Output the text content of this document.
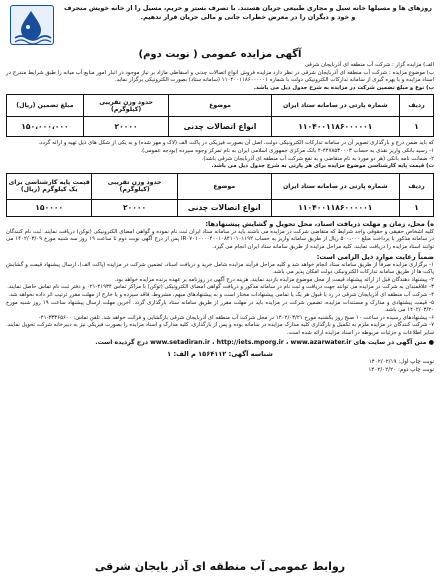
روزهای ها و مسیلها خانه سیل و مجاری طبیعی جریان هستند. با تصرف بستر و حریم، مسیل را از خانه خویش منحرف و خود و دیگران را در معرض خطرات جانی و مالی جریان قرار ندهیم.
آگهی مزایده عمومی ( نوبت دوم)
الف) مزایده گزار : شرکت آب منطقه ای آذربایجان شرقی
ب) موضوع مزایده : شرکت آب منطقه ای آذربایجان شرقی در نظر دارد مزایده فروش انواع اتصالات چدنی و اسقاطی مازاد بر نیاز موجود در انبار امور منابع آب میانه را طبق شرایط مندرج در اسناد مزایده و با بهره گیری از سامانه تدارکات الکترونیکی دولت با شماره ۱۱۰۴۰۰۱۱۸۶۰۰۰۰۰۱ (سامانه ستاد) بصورت الکترونیکی برگزار نماید.
پ) نوع و مبلغ تضمین شرکت در مزایده به شرح جدول ذیل می باشد.
ردیف	شماره پارتی در سامانه ستاد ایران	موضوع	حدود وزن تقریبی (کیلوگرم)	مبلغ تضمین (ریال)
۱	۱۱۰۴۰۰۱۱۸۶۰۰۰۰۰۱	انواع اتصالات چدنی	۲۰۰۰۰	۱۵۰،۰۰۰،۰۰۰
که باید ضمن درج و بارگذاری تصویر آن در سامانه تدارکات الکترونیکی دولت، اصل آن بصورت فیزیکی در پاکت الف (لاک و مهر شده) و به یکی از شکل های ذیل تهیه و ارائه گردد.
۱- رسید بانکی واریز نقدی به حساب ۴۴۷۸۵۳۰۰۰۳-۴ بانک مرکزی جمهوری اسلامی ایران به نام تمرکز وجوه سپرده (بودجه عمومی).
۲- ضمانت نامه بانکی (هر دو مورد به نام متقاضی و به نفع شرکت آب منطقه ای آذربایجان شرقی باشد).
ت) قیمت پایه کارشناسی موضوع مزایده برای هر پارتی به شرح جدول ذیل می باشد.
ردیف	شماره پارتی در سامانه ستاد ایران	موضوع	حدود وزن تقریبی (کیلوگرم)	قیمت پایه کارشناسی برای یک کیلوگرم (ریال)
۱	۱۱۰۴۰۰۱۱۸۶۰۰۰۰۰۱	انواع اتصالات چدنی	۲۰۰۰۰	۱۵۰۰۰۰
ه) محل، زمان و مهلت دریافت اسناد، محل تحویل و گشایش پیشنهادها:
کلیه اشخاص حقیقی و حقوقی واجد شرایط که متقاضی شرکت در مزایده می باشند باید در سامانه ستاد ایران ثبت نام نموده و گواهی امضای الکترونیکی (توکن) دریافت نمایند. ثبت نام کنندگان در سامانه مذکور با پرداخت مبلغ ۵۰۰،۰۰۰ ریال از طریق سامانه واریز به حساب IR۰۷۰۱۰۰۰۰۴۰۰۱۰۸۴۱۰۱۰۱۱۹۲ پس از درج آگهی نوبت دوم تا ساعت ۱۹ روز سه شنبه مورخ ۱۴۰۲/۰۳/۰۹ می توانند اسناد مزایده را دریافت نمایند. کلیه مراحل مزایده از طریق سامانه ستاد ایران انجام می گیرد.
ضمناً رعایت موارد ذیل الزامی است:
۱- برگزاری مزایده صرفاً از طریق سامانه ستاد انجام خواهد شد و کلیه مراحل فرآیند مزایده شامل خرید و دریافت اسناد، تضمین شرکت در مزایده (پاکت الف)، ارسال پیشنهاد قیمت و گشایش پاکت ها از طریق سامانه تدارکات الکترونیکی دولت امکان پذیر می باشد.
۲- پیشنهاد دهندگان قبل از ارائه پیشنهاد قیمت از محل موضوع مزایده بازدید نمایند. هزینه درج آگهی در روزنامه بر عهده برنده مزایده خواهد بود.
۳- علاقمندان به شرکت در مزایده می توانند جهت دریافت و ثبت نام در سامانه مذکور و دریافت گواهی امضای الکترونیکی (توکن) با مراکز تماس ۴۱۹۳۴-۰۲۱ و دفتر ثبت نام تماس حاصل نمایند.
۴- شرکت آب منطقه ای آذربایجان شرقی در رد یا قبول هر یک یا تمامی پیشنهادات مختار است و به پیشنهادهای مبهم، مشروط، فاقد سپرده و یا خارج از مهلت مقرر ترتیب اثر داده نخواهد شد.
۵- قیمت پیشنهادی و مدارک و مستندات مزایده، تضمین شرکت در مزایده باید در مهلت مقرر از طریق سامانه ستاد بارگذاری گردد. آخرین مهلت ارسال پیشنهاد ساعت ۱۹ روز شنبه مورخ ۱۴۰۲/۰۳/۲۰ می باشد.
۶- پیشنهادهای رسیده در ساعت ۱۰ صبح روز یکشنبه مورخ ۱۴۰۲/۰۳/۲۱ در محل شرکت آب منطقه ای آذربایجان شرقی بازگشایی و قرائت خواهد شد. تلفن تماس: ۳۳۳۶۵۶۰۰-۰۴۱
۷- شرکت کنندگان در مزایده ملزم به تکمیل و بارگذاری کلیه مدارک مزایده در سامانه بوده و پس از بارگذاری، کلیه مدارک و اسناد مزایده را بصورت فیزیکی نیز به دبیرخانه شرکت تحویل نمایند. سایر اطلاعات و جزئیات مربوطه در اسناد مزایده ارائه شده است.
● متن آگهی در سایت های www.azarwater.ir ، http://iets.mporg.ir ، www.setadiran.ir درج گردیده است.
شناسه آگهی: ۱۵۶۴۱۱۲ م الف: ۱
نوبت چاپ اول: ۱۴۰۲/۰۲/۱۹
نوبت چاپ دوم: ۱۴۰۲/۰۲/۲۰
روابط عمومی آب منطقه ای آذر بایجان شرقی
